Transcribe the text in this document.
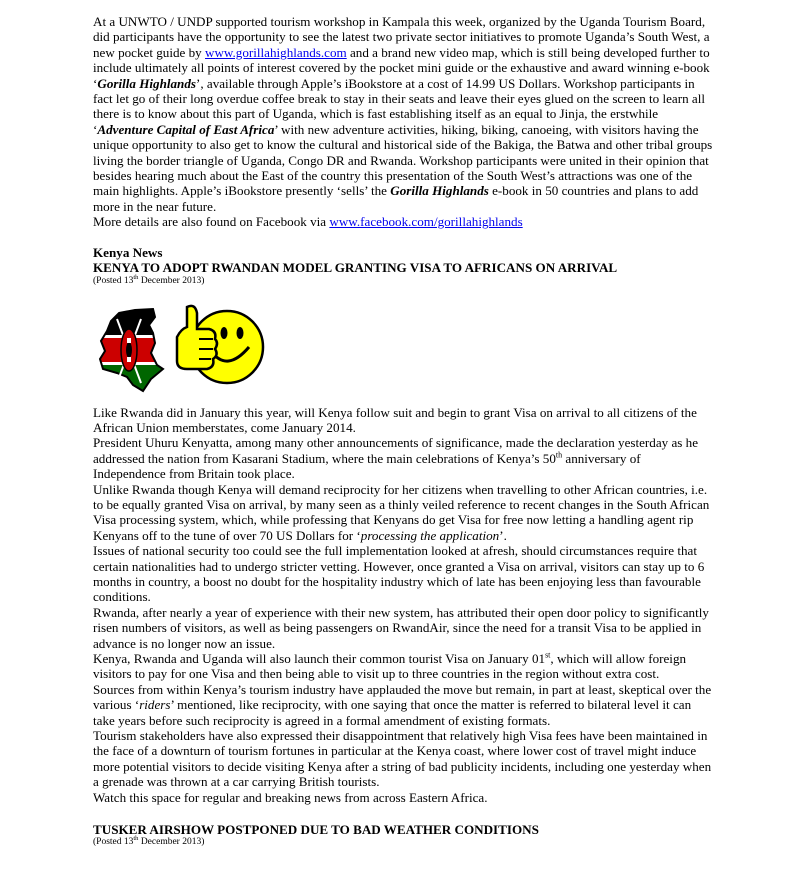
At a UNWTO / UNDP supported tourism workshop in Kampala this week, organized by the Uganda Tourism Board, did participants have the opportunity to see the latest two private sector initiatives to promote Uganda’s South West, a new pocket guide by www.gorillahighlands.com and a brand new video map, which is still being developed further to include ultimately all points of interest covered by the pocket mini guide or the exhaustive and award winning e-book ‘Gorilla Highlands’, available through Apple’s iBookstore at a cost of 14.99 US Dollars. Workshop participants in fact let go of their long overdue coffee break to stay in their seats and leave their eyes glued on the screen to learn all there is to know about this part of Uganda, which is fast establishing itself as an equal to Jinja, the erstwhile ‘Adventure Capital of East Africa’ with new adventure activities, hiking, biking, canoeing, with visitors having the unique opportunity to also get to know the cultural and historical side of the Bakiga, the Batwa and other tribal groups living the border triangle of Uganda, Congo DR and Rwanda. Workshop participants were united in their opinion that besides hearing much about the East of the country this presentation of the South West’s attractions was one of the main highlights. Apple’s iBookstore presently ‘sells’ the Gorilla Highlands e-book in 50 countries and plans to add more in the near future.

More details are also found on Facebook via www.facebook.com/gorillahighlands

Kenya News

KENYA TO ADOPT RWANDAN MODEL GRANTING VISA TO AFRICANS ON ARRIVAL

(Posted 13th December 2013)

Like Rwanda did in January this year, will Kenya follow suit and begin to grant Visa on arrival to all citizens of the African Union memberstates, come January 2014.

President Uhuru Kenyatta, among many other announcements of significance, made the declaration yesterday as he addressed the nation from Kasarani Stadium, where the main celebrations of Kenya’s 50th anniversary of Independence from Britain took place.

Unlike Rwanda though Kenya will demand reciprocity for her citizens when travelling to other African countries, i.e. to be equally granted Visa on arrival, by many seen as a thinly veiled reference to recent changes in the South African Visa processing system, which, while professing that Kenyans do get Visa for free now letting a handling agent rip Kenyans off to the tune of over 70 US Dollars for ‘processing the application’.

Issues of national security too could see the full implementation looked at afresh, should circumstances require that certain nationalities had to undergo stricter vetting. However, once granted a Visa on arrival, visitors can stay up to 6 months in country, a boost no doubt for the hospitality industry which of late has been enjoying less than favourable conditions.

Rwanda, after nearly a year of experience with their new system, has attributed their open door policy to significantly risen numbers of visitors, as well as being passengers on RwandAir, since the need for a transit Visa to be applied in advance is no longer now an issue.

Kenya, Rwanda and Uganda will also launch their common tourist Visa on January 01st, which will allow foreign visitors to pay for one Visa and then being able to visit up to three countries in the region without extra cost.

Sources from within Kenya’s tourism industry have applauded the move but remain, in part at least, skeptical over the various ‘riders’ mentioned, like reciprocity, with one saying that once the matter is referred to bilateral level it can take years before such reciprocity is agreed in a formal amendment of existing formats.

Tourism stakeholders have also expressed their disappointment that relatively high Visa fees have been maintained in the face of a downturn of tourism fortunes in particular at the Kenya coast, where lower cost of travel might induce more potential visitors to decide visiting Kenya after a string of bad publicity incidents, including one yesterday when a grenade was thrown at a car carrying British tourists.

Watch this space for regular and breaking news from across Eastern Africa.

TUSKER AIRSHOW POSTPONED DUE TO BAD WEATHER CONDITIONS

(Posted 13th December 2013)
